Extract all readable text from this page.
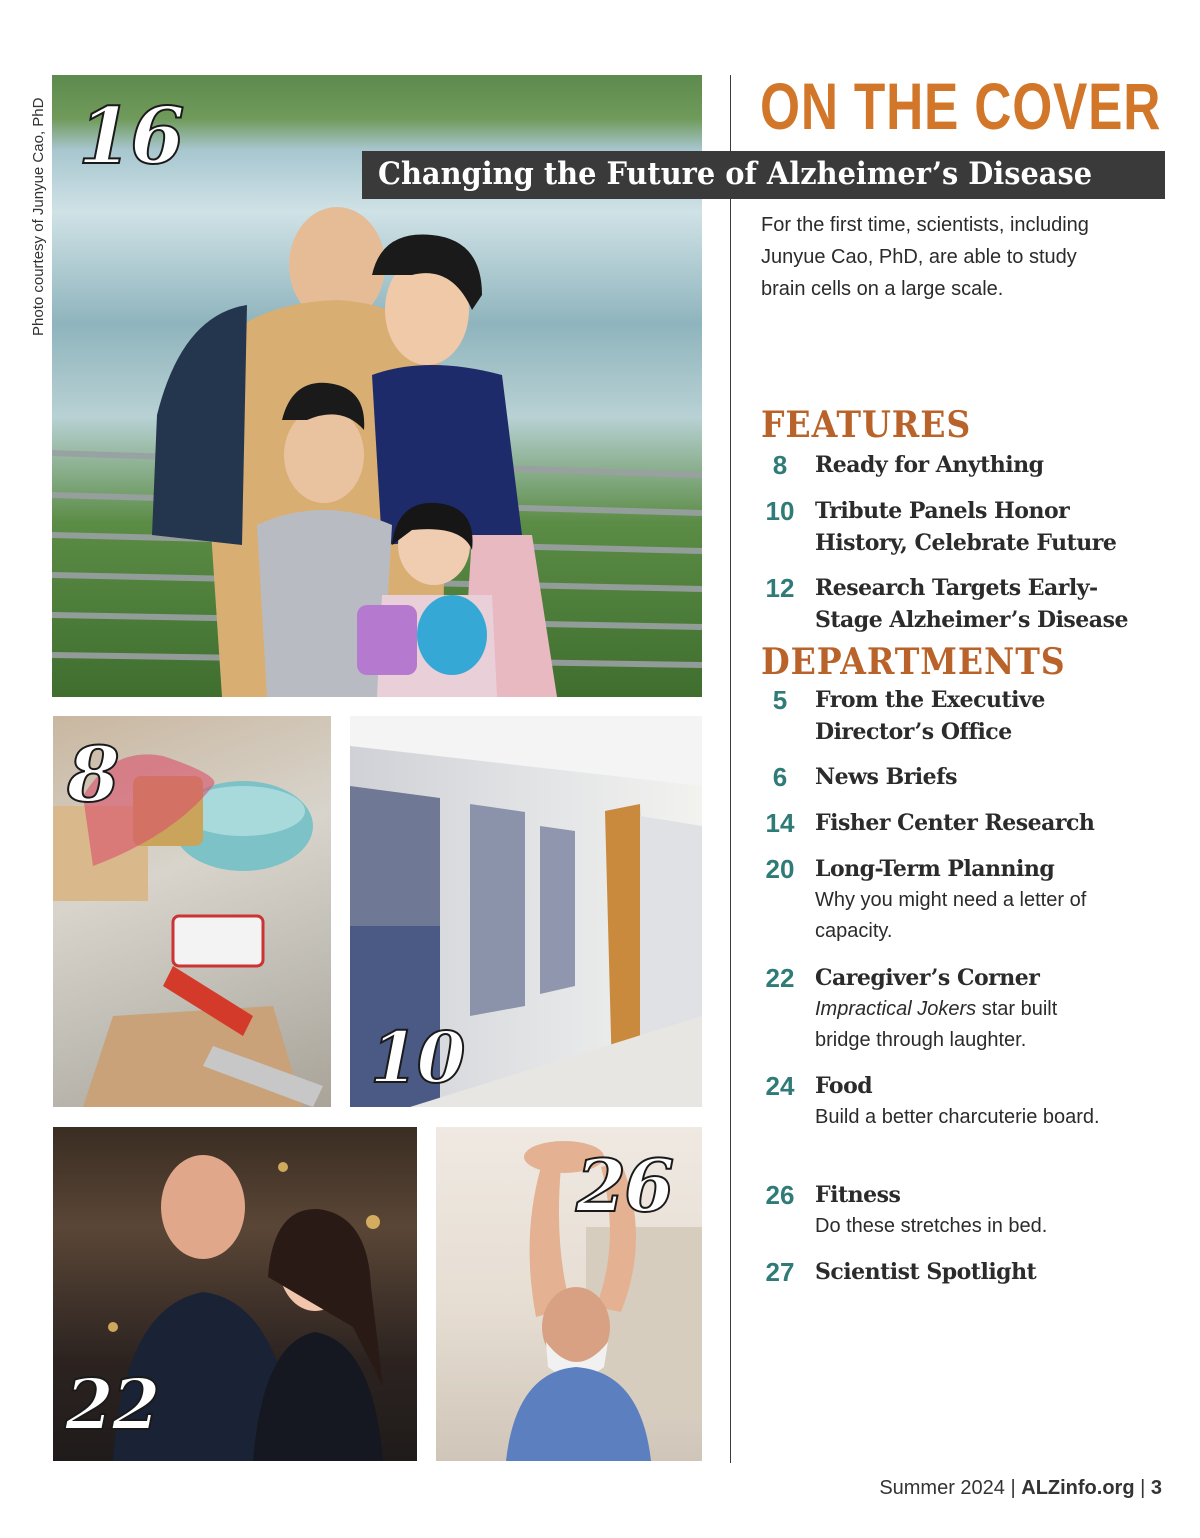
Photo courtesy of Junyue Cao, PhD 16
8
10
22
26
ON THE COVER
Changing the Future of Alzheimer’s Disease
For the first time, scientists, including Junyue Cao, PhD, are able to study brain cells on a large scale.
FEATURES
8	Ready for Anything
10 Tribute Panels Honor History, Celebrate Future
12 Research Targets Early-Stage Alzheimer’s Disease
DEPARTMENTS
5	From the Executive Director’s Office
6	News Briefs
14 Fisher Center Research
20 Long-Term Planning
Why you might need a letter of capacity.
22 Caregiver’s Corner
Impractical Jokers star built bridge through laughter.
24 Food
Build a better charcuterie board.
26 Fitness
Do these stretches in bed.
27 Scientist Spotlight
Summer 2024 | ALZinfo.org | 3
